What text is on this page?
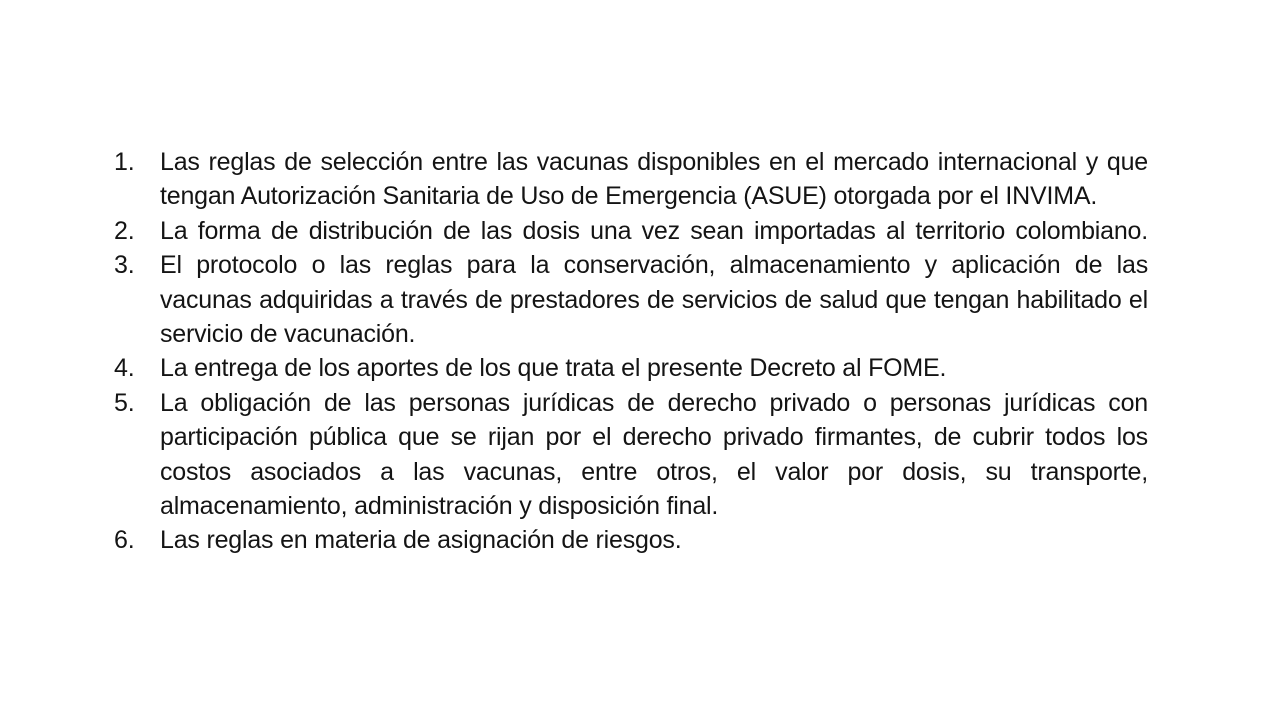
1.	Las reglas de selección entre las vacunas disponibles en el mercado internacional y que tengan Autorización Sanitaria de Uso de Emergencia (ASUE) otorgada por el INVIMA.
2.	La forma de distribución de las dosis una vez sean importadas al territorio colombiano.
3.	El protocolo o las reglas para la conservación, almacenamiento y aplicación de las vacunas adquiridas a través de prestadores de servicios de salud que tengan habilitado el servicio de vacunación.
4.	La entrega de los aportes de los que trata el presente Decreto al FOME.
5.	La obligación de las personas jurídicas de derecho privado o personas jurídicas con participación pública que se rijan por el derecho privado firmantes, de cubrir todos los costos asociados a las vacunas, entre otros, el valor por dosis, su transporte, almacenamiento, administración y disposición final.
6.	Las reglas en materia de asignación de riesgos.
